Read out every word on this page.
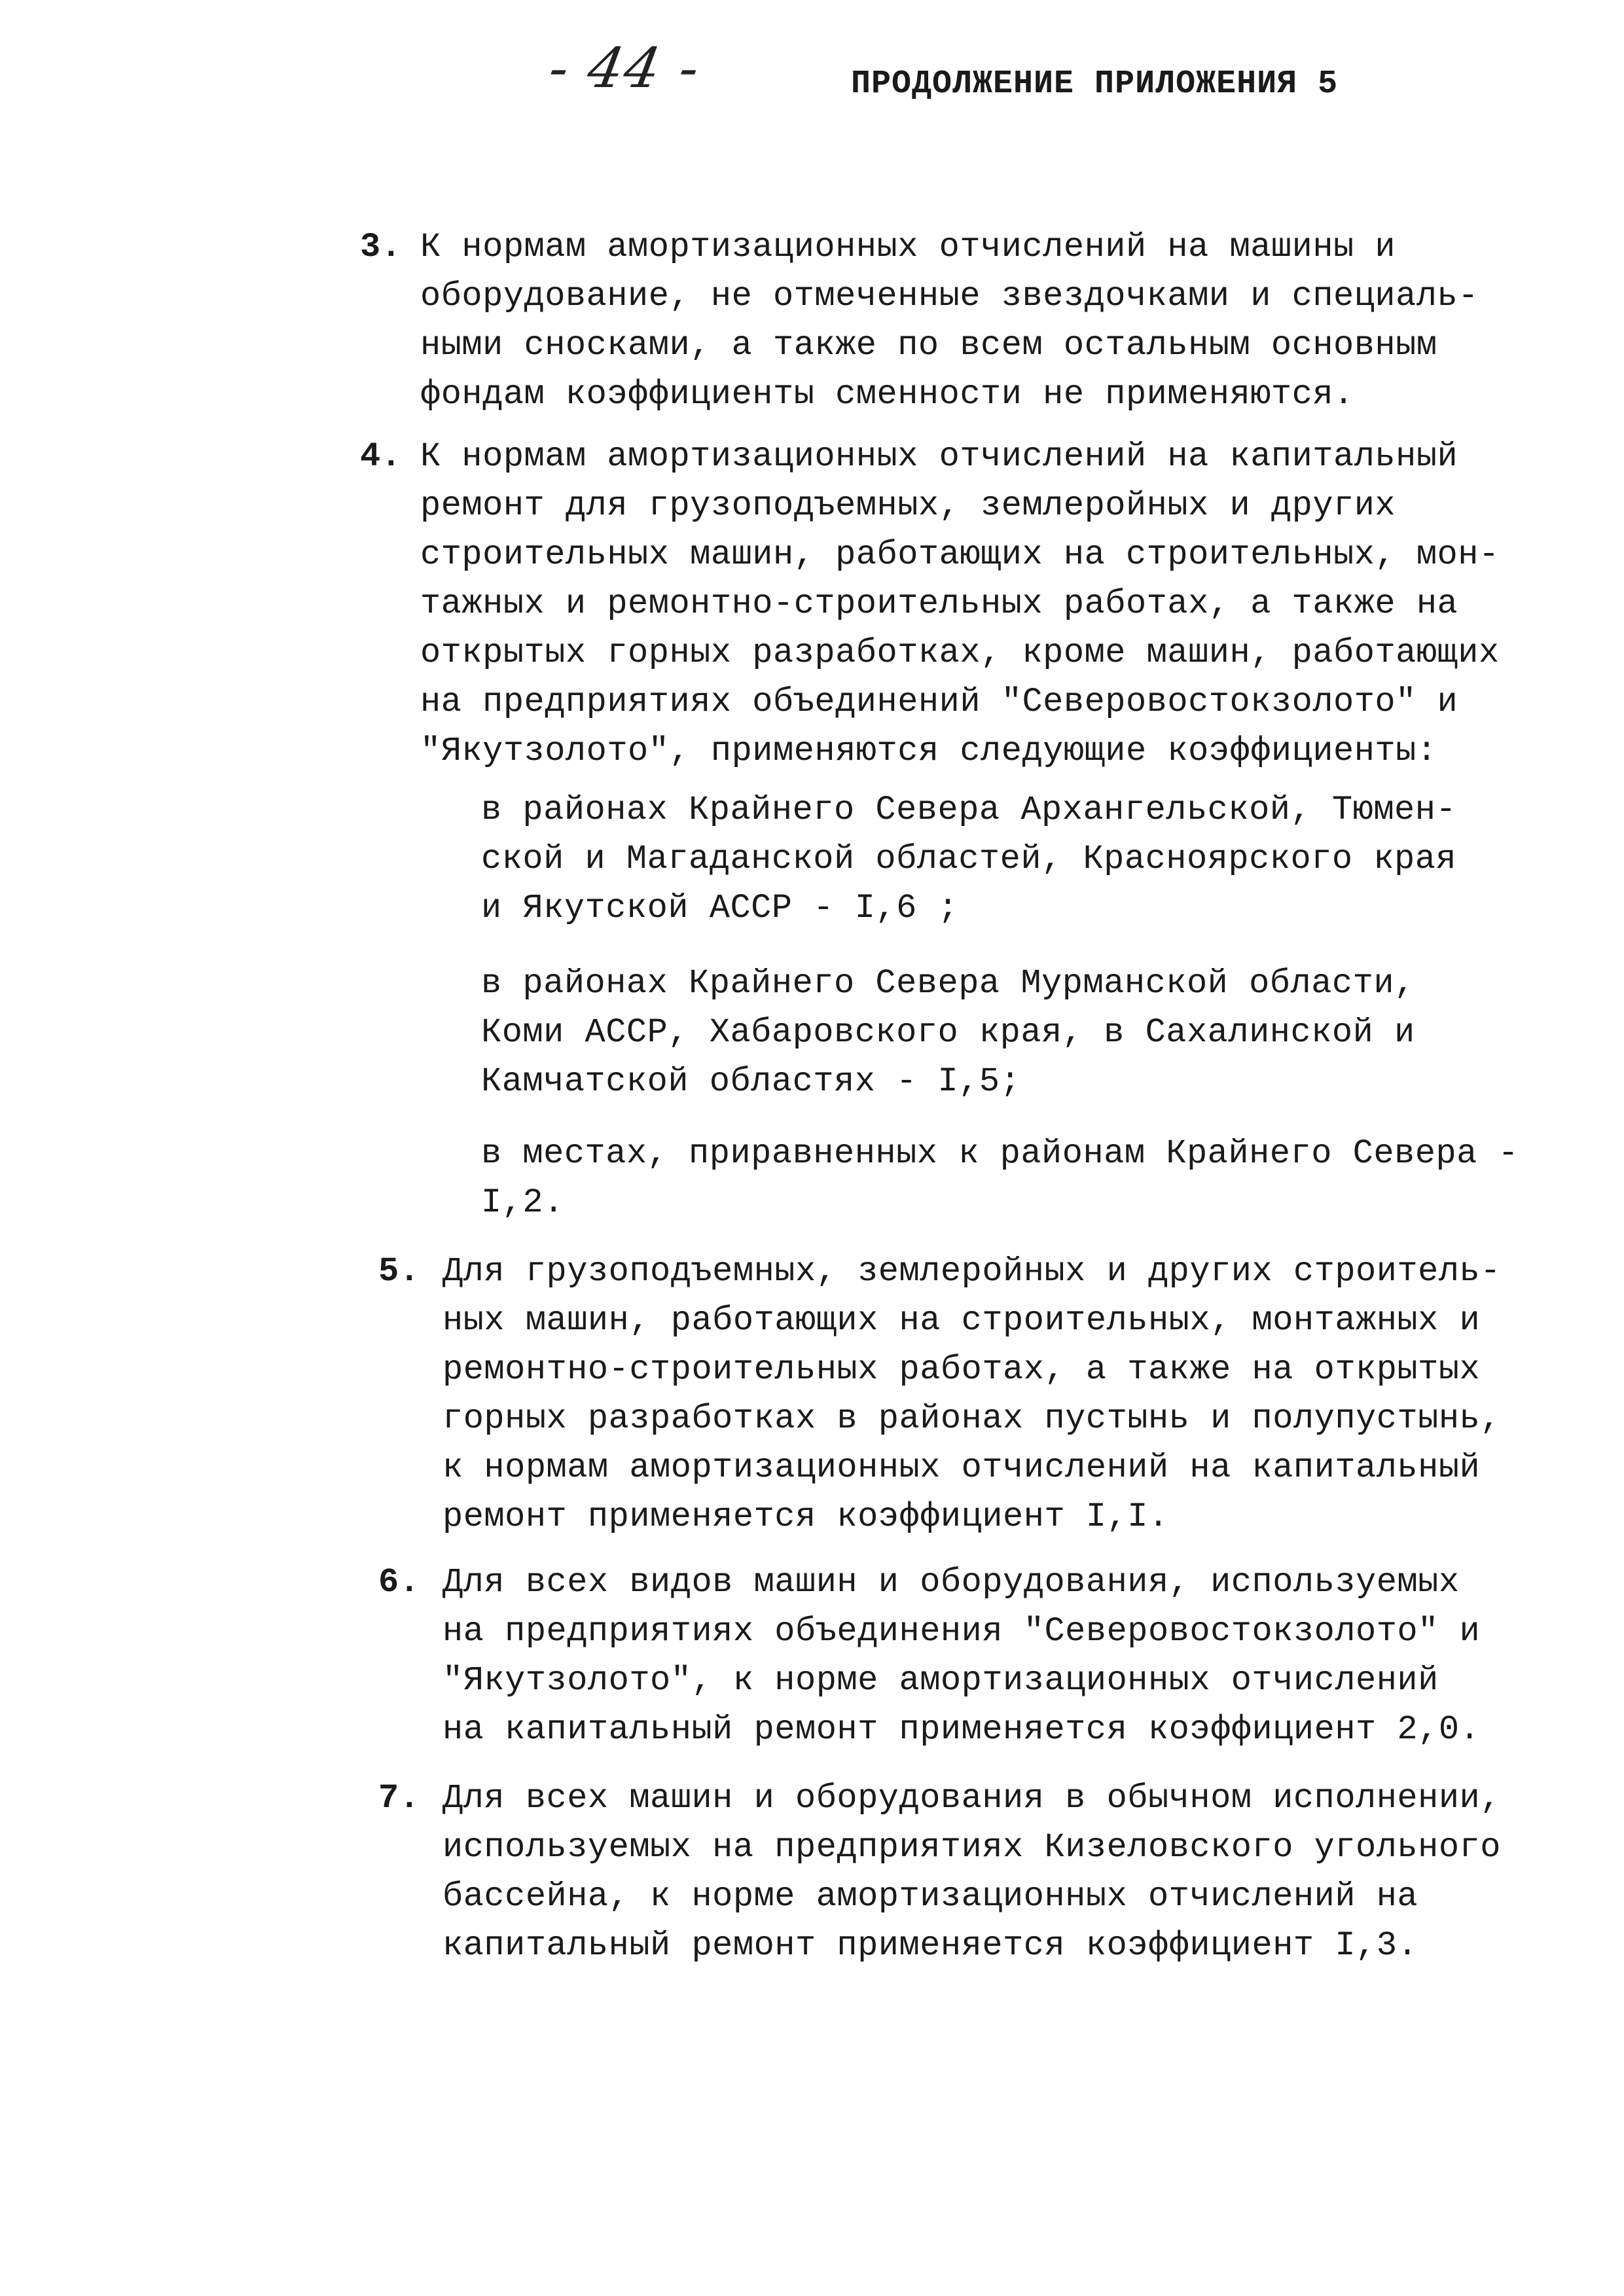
- 44 -	ПРОДОЛЖЕНИЕ ПРИЛОЖЕНИЯ 5
3. К нормам амортизационных отчислений на машины и
оборудование, не отмеченные звездочками и специаль-
ными сносками, а также по всем остальным основным
фондам коэффициенты сменности не применяются.
4. К нормам амортизационных отчислений на капитальный
ремонт для грузоподъемных, землеройных и других
строительных машин, работающих на строительных, мон-
тажных и ремонтно-строительных работах, а также на
открытых горных разработках, кроме машин, работающих
на предприятиях объединений "Северовостокзолото" и
"Якутзолото", применяются следующие коэффициенты:
в районах Крайнего Севера Архангельской, Тюмен-
ской и Магаданской областей, Красноярского края
и Якутской АССР - I,6 ;
в районах Крайнего Севера Мурманской области,
Коми АССР, Хабаровского края, в Сахалинской и
Камчатской областях - I,5;
в местах, приравненных к районам Крайнего Севера -
I,2.
5. Для грузоподъемных, землеройных и других строитель-
ных машин, работающих на строительных, монтажных и
ремонтно-строительных работах, а также на открытых
горных разработках в районах пустынь и полупустынь,
к нормам амортизационных отчислений на капитальный
ремонт применяется коэффициент I,I.
6. Для всех видов машин и оборудования, используемых
на предприятиях объединения "Северовостокзолото" и
"Якутзолото", к норме амортизационных отчислений
на капитальный ремонт применяется коэффициент 2,0.
7. Для всех машин и оборудования в обычном исполнении,
используемых на предприятиях Кизеловского угольного
бассейна, к норме амортизационных отчислений на
капитальный ремонт применяется коэффициент I,3.
